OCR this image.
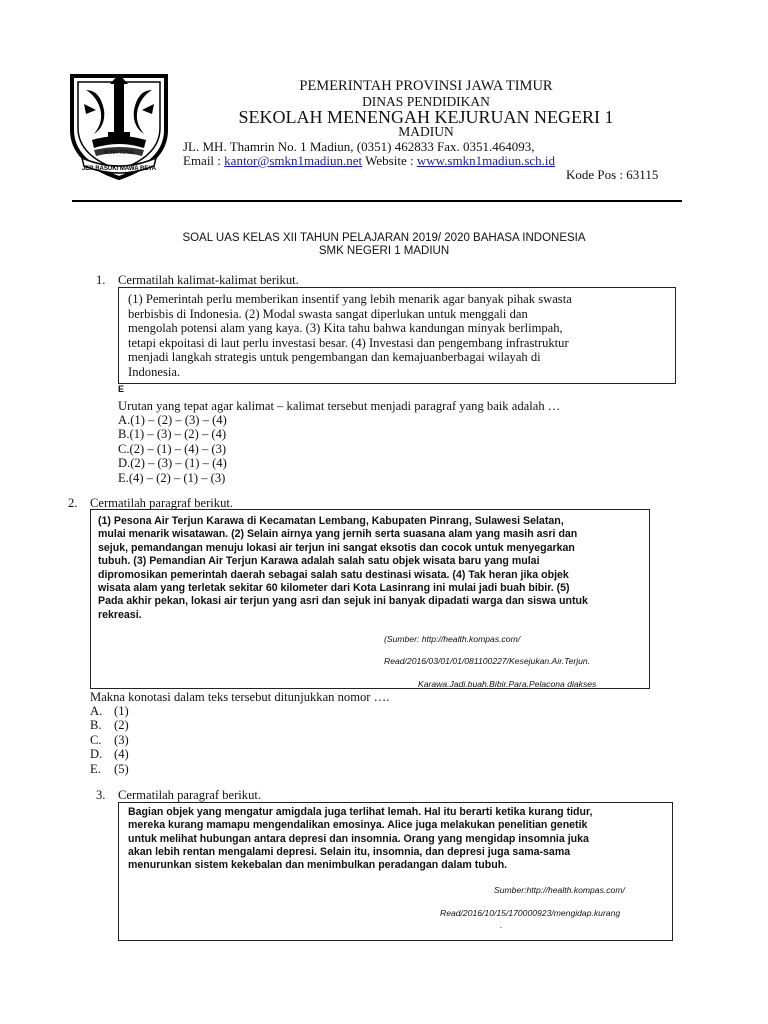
SURA TOTAL
JER BASUKI MAWA BEYA
PEMERINTAH PROVINSI JAWA TIMUR
DINAS PENDIDIKAN
SEKOLAH MENENGAH KEJURUAN NEGERI 1
MADIUN
JL. MH. Thamrin No. 1 Madiun, (0351) 462833 Fax. 0351.464093,
Email : kantor@smkn1madiun.net Website : www.smkn1madiun.sch.id
Kode Pos : 63115
SOAL UAS KELAS XII TAHUN PELAJARAN 2019/ 2020 BAHASA INDONESIA
SMK NEGERI 1 MADIUN
1. Cermatilah kalimat-kalimat berikut.
(1) Pemerintah perlu memberikan insentif yang lebih menarik agar banyak pihak swasta
berbisbis di Indonesia. (2) Modal swasta sangat diperlukan untuk menggali dan
mengolah potensi alam yang kaya. (3) Kita tahu bahwa kandungan minyak berlimpah,
tetapi ekpoitasi di laut perlu investasi besar. (4) Investasi dan pengembang infrastruktur
menjadi langkah strategis untuk pengembangan dan kemajuanberbagai wilayah di
Indonesia.
E
Urutan yang tepat agar kalimat – kalimat tersebut menjadi paragraf yang baik adalah …
A.(1) – (2) – (3) – (4)
B.(1) – (3) – (2) – (4)
C.(2) – (1) – (4) – (3)
D.(2) – (3) – (1) – (4)
E.(4) – (2) – (1) – (3)
2. Cermatilah paragraf berikut.
(1) Pesona Air Terjun Karawa di Kecamatan Lembang, Kabupaten Pinrang, Sulawesi Selatan,
mulai menarik wisatawan. (2) Selain airnya yang jernih serta suasana alam yang masih asri dan
sejuk, pemandangan menuju lokasi air terjun ini sangat eksotis dan cocok untuk menyegarkan
tubuh. (3) Pemandian Air Terjun Karawa adalah salah satu objek wisata baru yang mulai
dipromosikan pemerintah daerah sebagai salah satu destinasi wisata. (4) Tak heran jika objek
wisata alam yang terletak sekitar 60 kilometer dari Kota Lasinrang ini mulai jadi buah bibir. (5)
Pada akhir pekan, lokasi air terjun yang asri dan sejuk ini banyak dipadati warga dan siswa untuk
rekreasi.
(Sumber: http://health.kompas.com/
Read/2016/03/01/01/081100227/Kesejukan.Air.Terjun.
Karawa.Jadi.buah.Bibir.Para.Pelacona diakses
Makna konotasi dalam teks tersebut ditunjukkan nomor ….
A. (1)
B. (2)
C. (3)
D. (4)
E. (5)
3. Cermatilah paragraf berikut.
Bagian objek yang mengatur amigdala juga terlihat lemah. Hal itu berarti ketika kurang tidur,
mereka kurang mamapu mengendalikan emosinya. Alice juga melakukan penelitian genetik
untuk melihat hubungan antara depresi dan insomnia. Orang yang mengidap insomnia juka
akan lebih rentan mengalami depresi. Selain itu, insomnia, dan depresi juga sama-sama
menurunkan sistem kekebalan dan menimbulkan peradangan dalam tubuh.
Sumber:http://health.kompas.com/
Read/2016/10/15/170000923/mengidap.kurang
.
